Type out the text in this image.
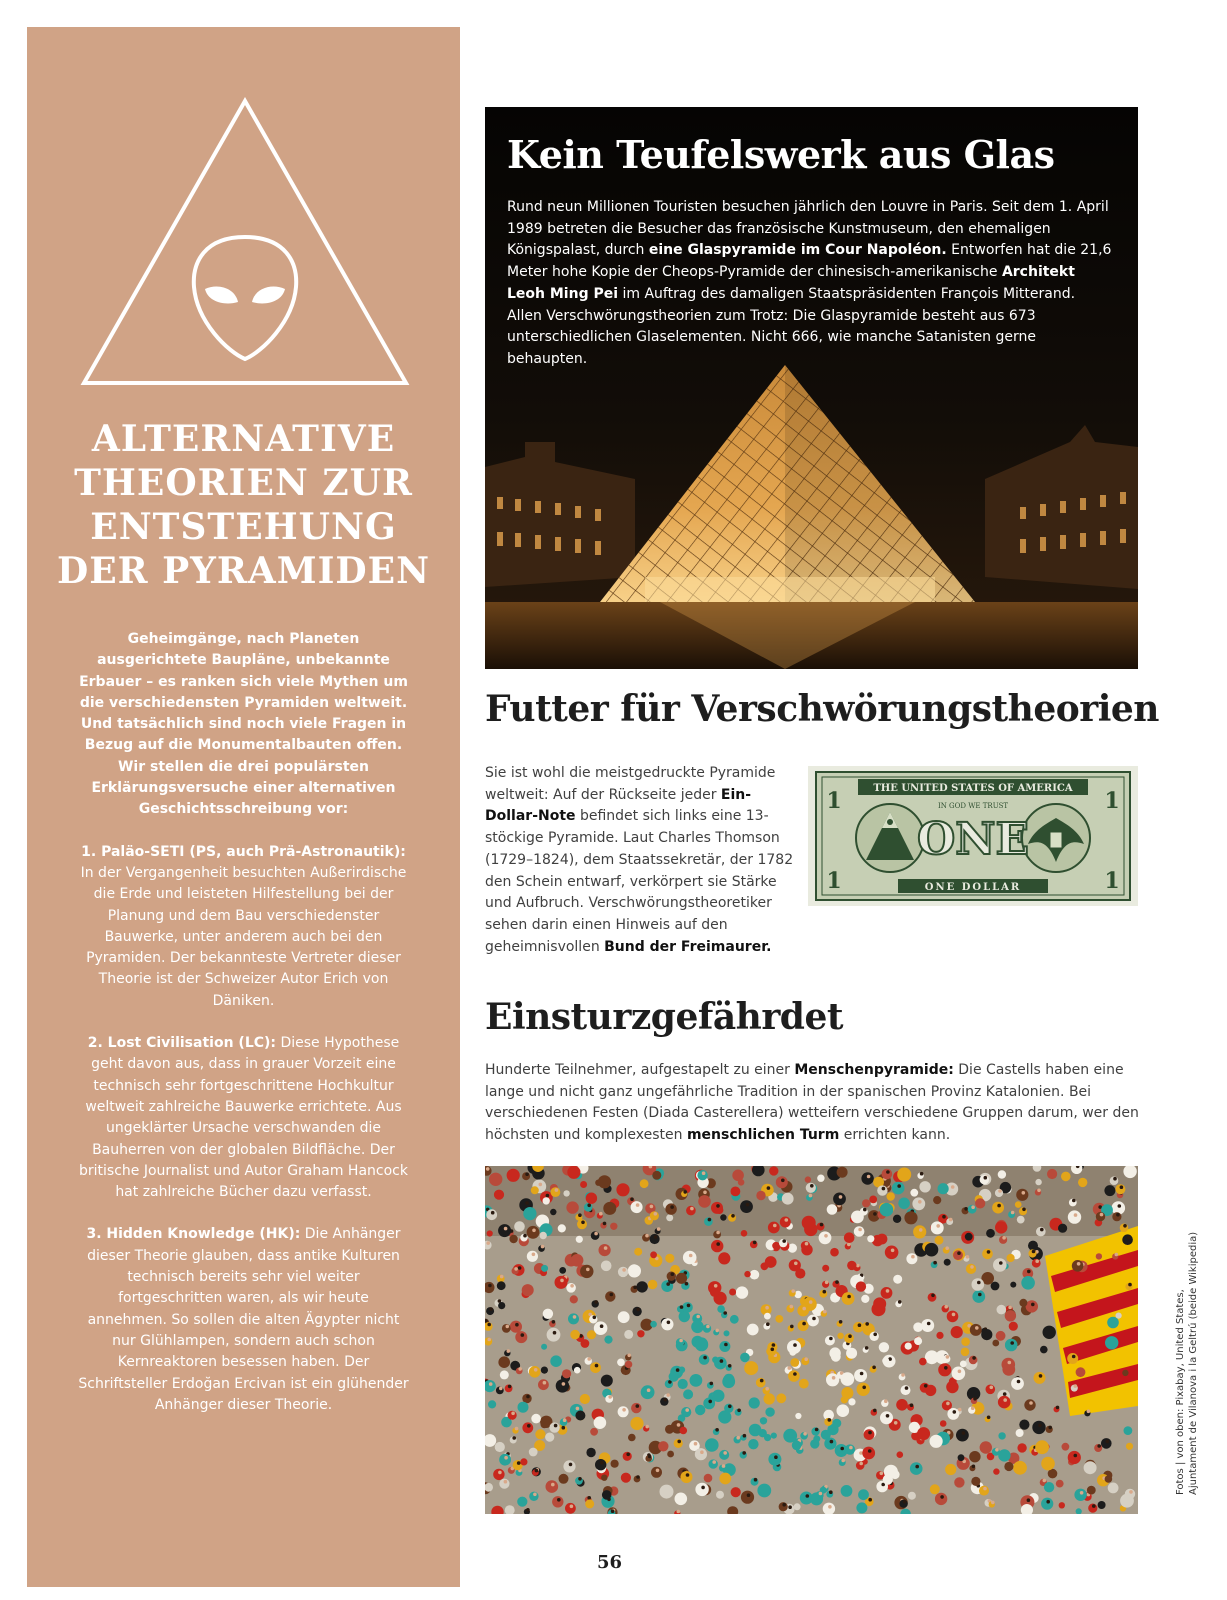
ALTERNATIVE
THEORIEN ZUR
ENTSTEHUNG
DER PYRAMIDEN

Geheimgänge, nach Planeten ausgerichtete Baupläne, unbekannte Erbauer – es ranken sich viele Mythen um die verschiedensten Pyramiden weltweit. Und tatsächlich sind noch viele Fragen in Bezug auf die Monumentalbauten offen. Wir stellen die drei populärsten Erklärungsversuche einer alternativen Geschichtsschreibung vor:

1. Paläo-SETI (PS, auch Prä-Astronautik): In der Vergangenheit besuchten Außerirdische die Erde und leisteten Hilfestellung bei der Planung und dem Bau verschiedenster Bauwerke, unter anderem auch bei den Pyramiden. Der bekannteste Vertreter dieser Theorie ist der Schweizer Autor Erich von Däniken.

2. Lost Civilisation (LC): Diese Hypothese geht davon aus, dass in grauer Vorzeit eine technisch sehr fortgeschrittene Hochkultur weltweit zahlreiche Bauwerke errichtete. Aus ungeklärter Ursache verschwanden die Bauherren von der globalen Bildfläche. Der britische Journalist und Autor Graham Hancock hat zahlreiche Bücher dazu verfasst.

3. Hidden Knowledge (HK): Die Anhänger dieser Theorie glauben, dass antike Kulturen technisch bereits sehr viel weiter fortgeschritten waren, als wir heute annehmen. So sollen die alten Ägypter nicht nur Glühlampen, sondern auch schon Kernreaktoren besessen haben. Der Schriftsteller Erdoğan Ercivan ist ein glühender Anhänger dieser Theorie.

Kein Teufelswerk aus Glas
Rund neun Millionen Touristen besuchen jährlich den Louvre in Paris. Seit dem 1. April 1989 betreten die Besucher das französische Kunstmuseum, den ehemaligen Königspalast, durch eine Glaspyramide im Cour Napoléon. Entworfen hat die 21,6 Meter hohe Kopie der Cheops-Pyramide der chinesisch-amerikanische Architekt Leoh Ming Pei im Auftrag des damaligen Staatspräsidenten François Mitterand. Allen Verschwörungstheorien zum Trotz: Die Glaspyramide besteht aus 673 unterschiedlichen Glaselementen. Nicht 666, wie manche Satanisten gerne behaupten.
Futter für Verschwörungstheorien
Sie ist wohl die meistgedruckte Pyramide weltweit: Auf der Rückseite jeder Ein-Dollar-Note befindet sich links eine 13-stöckige Pyramide. Laut Charles Thomson (1729–1824), dem Staatssekretär, der 1782 den Schein entwarf, verkörpert sie Stärke und Aufbruch. Verschwörungstheoretiker sehen darin einen Hinweis auf den geheimnisvollen Bund der Freimaurer.
THE UNITED STATES OF AMERICA
ONE DOLLAR
1	1
1	1
IN GOD WE TRUST
ONE
Einsturzgefährdet
Hunderte Teilnehmer, aufgestapelt zu einer Menschenpyramide: Die Castells haben eine lange und nicht ganz ungefährliche Tradition in der spanischen Provinz Katalonien. Bei verschiedenen Festen (Diada Casterellera) wetteifern verschiedene Gruppen darum, wer den höchsten und komplexesten menschlichen Turm errichten kann.
Fotos | von oben: Pixabay, United States, Ajuntament de Vilanova i la Geltrú (beide Wikipedia)
56
